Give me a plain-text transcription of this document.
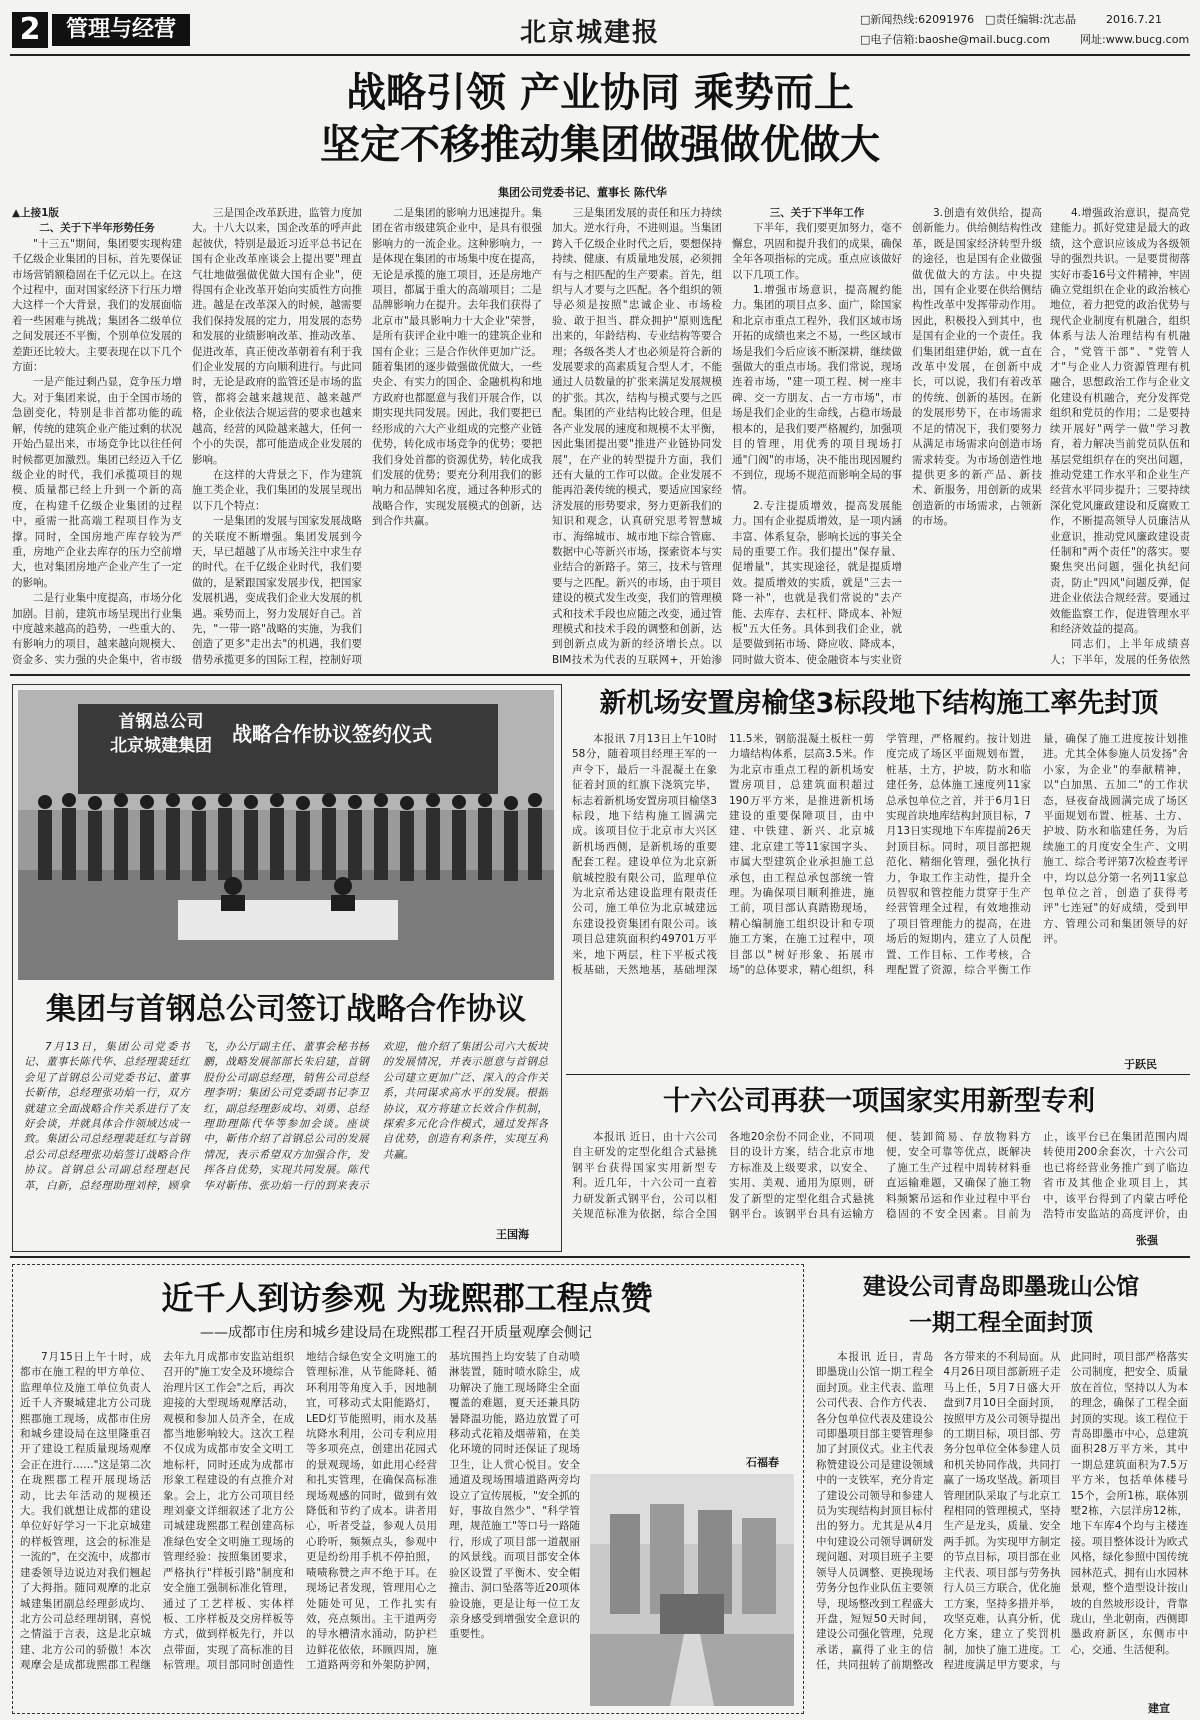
2	管理与经营	北京城建报	□新闻热线:62091976 □责任编辑:沈志晶	2016.7.21
□电子信箱:baoshe@mail.bucg.com	网址:www.bucg.com
战略引领 产业协同 乘势而上
坚定不移推动集团做强做优做大
集团公司党委书记、董事长 陈代华
▲上接1版
二、关于下半年形势任务

"十三五"期间，集团要实现构建千亿级企业集团的目标，首先要保证市场营销额稳固在千亿元以上。在这个过程中，面对国家经济下行压力增大这样一个大背景，我们的发展面临着一些困难与挑战；集团各二级单位之间发展还不平衡，个别单位发展的差距还比较大。主要表现在以下几个方面：

一是产能过剩凸显，竞争压力增大。对于集团来说，由于全国市场的急剧变化，特别是非首都功能的疏解，传统的建筑企业产能过剩的状况开始凸显出来，市场竞争比以往任何时候都更加激烈。集团已经迈入千亿级企业的时代，我们承揽项目的规模、质量都已经上升到一个新的高度，在构建千亿级企业集团的过程中，亟需一批高端工程项目作为支撑。同时，全国房地产库存较为严重，房地产企业去库存的压力空前增大，也对集团房地产企业产生了一定的影响。

二是行业集中度提高，市场分化加剧。目前，建筑市场呈现出行业集中度越来越高的趋势，一些重大的、有影响力的项目，越来越向规模大、资金多、实力强的央企集中，省市级

三是国企改革跃进，监管力度加大。十八大以来，国企改革的呼声此起彼伏，特别是最近习近平总书记在国有企业改革座谈会上提出要"理直气壮地做强做优做大国有企业"，使得国有企业改革开始向实质性方向推进。越是在改革深入的时候，越需要我们保持发展的定力，用发展的态势和发展的业绩影响改革、推动改革、促进改革，真正使改革朝着有利于我们企业发展的方向顺利进行。与此同时，无论是政府的监管还是市场的监管，都将会越来越规范、越来越严格，企业依法合规运营的要求也越来越高，经营的风险越来越大，任何一个小的失误，都可能造成企业发展的影响。

在这样的大背景之下，作为建筑施工类企业，我们集团的发展呈现出以下几个特点：

一是集团的发展与国家发展战略的关联度不断增强。集团发展到今天，早已超越了从市场关注中求生存的时代。在千亿级企业时代，我们要做的，是紧跟国家发展步伐，把国家发展机遇，变成我们企业大发展的机遇。乘势而上，努力发展好自己。首先，"一带一路"战略的实施，为我们创造了更多"走出去"的机遇，我们要借势承揽更多的国际工程，控制好项

二是集团的影响力迅速提升。集团在省市级建筑企业中，是具有很强影响力的一流企业。这种影响力，一是体现在集团的市场集中度在提高，无论是承揽的施工项目，还是房地产项目，都属于重大的高端项目；二是品牌影响力在提升。去年我们获得了北京市"最具影响力十大企业"荣誉，是所有获评企业中唯一的建筑企业和国有企业；三是合作伙伴更加广泛。随着集团的逐步做强做优做大，一些央企、有实力的国企、金融机构和地方政府也都愿意与我们开展合作，以期实现共同发展。因此，我们要把已经形成的六大产业组成的完整产业链优势，转化成市场竞争的优势；要把我们身处首都的资源优势，转化成我们发展的优势；要充分利用我们的影响力和品牌知名度，通过各种形式的战略合作，实现发展模式的创新，达到合作共赢。

三是集团发展的责任和压力持续加大。逆水行舟，不进则退。当集团跨入千亿级企业时代之后，要想保持持续、健康、有质量地发展，必须拥有与之相匹配的生产要素。首先，组织与人才要与之匹配。各个组织的领导必须是按照"忠诚企业、市场检验、敢于担当、群众拥护"原则选配出来的，年龄结构、专业结构等要合理；各级各类人才也必须是符合新的发展要求的高素质复合型人才，不能通过人员数量的扩张来满足发展规模的扩张。其次，结构与模式要与之匹配。集团的产业结构比较合理，但是各产业发展的速度和规模不太平衡，因此集团提出要"推进产业链协同发展"，在产业的转型提升方面，我们还有大量的工作可以做。企业发展不能再沿袭传统的模式，要适应国家经济发展的形势要求，努力更新我们的知识和观念，认真研究思考智慧城市、海绵城市、城市地下综合管廊、数据中心等新兴市场，探索资本与实业结合的新路子。第三，技术与管理要与之匹配。新兴的市场，由于项目建设的模式发生改变，我们的管理模式和技术手段也应随之改变，通过管理模式和技术手段的调整和创新，达到创新点成为新的经济增长点。以BIM技术为代表的互联网+，开始渗

三、关于下半年工作

下半年，我们要更加努力，毫不懈怠，巩固和提升我们的成果，确保全年各项指标的完成。重点应该做好以下几项工作。

1.增强市场意识，提高履约能力。集团的项目点多、面广，除国家和北京市重点工程外，我们区域市场开拓的成绩也来之不易，一些区域市场是我们今后应该不断深耕，继续做强做大的重点市场。我们常说，现场连着市场，"建一项工程、树一座丰碑、交一方朋友、占一方市场"，市场是我们企业的生命线，占稳市场最根本的，是我们要严格履约，加强项目的管理，用优秀的项目现场打通"门阀"的市场，决不能出现因履约不到位，现场不规范而影响全局的事情。

2.专注提质增效，提高发展能力。国有企业提质增效，是一项内涵丰富、体系复杂，影响长远的事关全局的重要工作。我们提出"保存量、促增量"，其实现途径，就是提质增效。提质增效的实质，就是"三去一降一补"，也就是我们常说的"去产能、去库存、去杠杆、降成本、补短板"五大任务。具体到我们企业，就是要做到拓市场、降应收、降成本，同时做大资本、使金融资本与实业资

3.创造有效供给，提高创新能力。供给侧结构性改革，既是国家经济转型升级的途径，也是国有企业做强做优做大的方法。中央提出，国有企业要在供给侧结构性改革中发挥带动作用。因此，积极投入到其中，也是国有企业的一个责任。我们集团组建伊始，就一直在改革中发展，在创新中成长，可以说，我们有着改革的传统、创新的基因。在新的发展形势下，在市场需求不足的情况下，我们要努力从满足市场需求向创造市场需求转变。为市场创造性地提供更多的新产品、新技术、新服务，用创新的成果创造新的市场需求，占领新的市场。

4.增强政治意识，提高党建能力。抓好党建是最大的政绩，这个意识应该成为各级领导的强烈共识。一是要贯彻落实好市委16号文件精神，牢固确立党组织在企业的政治核心地位，着力把党的政治优势与现代企业制度有机融合，组织体系与法人治理结构有机融合，"党管干部"、"党管人才"与企业人力资源管理有机融合，思想政治工作与企业文化建设有机融合，充分发挥党组织和党员的作用；二是要持续开展好"两学一做"学习教育，着力解决当前党员队伍和基层党组织存在的突出问题，推动党建工作水平和企业生产经营水平同步提升；三要持续深化党风廉政建设和反腐败工作，不断提高领导人员廉洁从业意识，推动党风廉政建设责任制和"两个责任"的落实。要聚焦突出问题，强化执纪问责，防止"四风"问题反弹，促进企业依法合规经营。要通过效能监察工作，促进管理水平和经济效益的提高。

同志们，上半年成绩喜人；下半年，发展的任务依然

首钢总公司
北京城建集团	战略合作协议签约仪式
集团与首钢总公司签订战略合作协议

7月13日，集团公司党委书记、董事长陈代华、总经理裴廷红会见了首钢总公司党委书记、董事长靳伟，总经理张功焰一行，双方就建立全面战略合作关系进行了友好会谈，并就具体合作领域达成一致。集团公司总经理裴廷红与首钢总公司总经理张功焰签订战略合作协议。首钢总公司副总经理赵民革，白新，总经理助理刘梓，顾拿飞，办公厅副主任、董事会秘书杨鹏，战略发展部部长朱启建，首钢股份公司副总经理，销售公司总经理李明；集团公司党委副书记李卫红，副总经理彭成均、刘勇、总经理助理陈代华等参加会谈。座谈中，靳伟介绍了首钢总公司的发展情况，表示希望双方加强合作，发挥各自优势，实现共同发展。陈代华对靳伟、张功焰一行的到来表示欢迎，他介绍了集团公司六大板块的发展情况，并表示愿意与首钢总公司建立更加广泛、深入的合作关系，共同谋求高水平的发展。根据协议，双方将建立长效合作机制，探索多元化合作模式，通过发挥各自优势，创造有利条件，实现互利共赢。

王国海
新机场安置房榆垡3标段地下结构施工率先封顶

本报讯 7月13日上午10时58分，随着项目经理王军的一声令下，最后一斗混凝土在象征着封顶的红旗下浇筑完毕，标志着新机场安置房项目榆垡3标段，地下结构施工圆满完成。该项目位于北京市大兴区新机场西侧，是新机场的重要配套工程。建设单位为北京新航城控股有限公司，监理单位为北京希达建设监理有限责任公司，施工单位为北京城建远东建设投资集团有限公司。该项目总建筑面积约49701万平米，地下两层，柱下平板式筏板基础，天然地基，基础埋深11.5米，钢筋混凝土板柱一剪力墙结构体系，层高3.5米。作为北京市重点工程的新机场安置房项目，总建筑面积超过190万平方米，是推进新机场建设的重要保障项目，由中建、中铁建、新兴、北京城建、北京建工等11家国字头、市属大型建筑企业承担施工总承包，由工程总承包部统一管理。为确保项目顺利推进，施工前，项目部认真踏勘现场，精心编制施工组织设计和专项施工方案，在施工过程中，项目部以"树好形象、拓展市场"的总体要求，精心组织，科学管理，严格履约。按计划进度完成了场区平面规划布置，桩基，土方，护坡，防水和临建任务，总体施工速度列11家总承包单位之首，并于6月1日实现首块地库结构封顶目标，7月13日实现地下车库提前26天封顶目标。同时，项目部把规范化、精细化管理，强化执行力，争取工作主动性，提升全员智驭和管控能力贯穿于生产经营管理全过程，有效地推动了项目管理能力的提高，在进场后的短期内，建立了人员配置、工作目标、工作考核，合理配置了资源，综合平衡工作量，确保了施工进度按计划推进。尤其全体参施人员发扬"舍小家，为企业"的奉献精神，以"白加黑、五加二"的工作状态，昼夜奋战圆满完成了场区平面规划布置、桩基、土方、护坡、防水和临建任务，为后续施工的月度安全生产、文明施工、综合考评第7次检查考评中，均以总分第一名列11家总包单位之首，创造了获得考评"七连冠"的好成绩，受到甲方、管理公司和集团领导的好评。

于跃民
十六公司再获一项国家实用新型专利

本报讯 近日，由十六公司自主研发的定型化组合式悬挑钢平台获得国家实用新型专利。近几年，十六公司一直着力研发新式钢平台，公司以相关规范标准为依据，综合全国各地20余份不同企业，不同项目的设计方案，结合北京市地方标准及上级要求，以安全、实用、美观、通用为原则，研发了新型的定型化组合式悬挑钢平台。该钢平台具有运输方便、装卸简易、存放物料方便，安全可靠等优点，既解决了施工生产过程中周转材料垂直运输难题，又确保了施工物料频繁吊运和作业过程中平台稳固的不安全因素。目前为止，该平台已在集团范围内周转使用200余套次，十六公司也已将经营业务推广到了临边省市及其他企业项目上，其中，该平台得到了内蒙古呼伦浩特市安监站的高度评价，由

张强
近千人到访参观 为珑熙郡工程点赞
——成都市住房和城乡建设局在珑熙郡工程召开质量观摩会侧记

7月15日上午十时，成都市在施工程的甲方单位、监理单位及施工单位负责人近千人齐聚城建北方公司珑熙郡施工现场，成都市住房和城乡建设局在这里隆重召开了建设工程质量现场观摩会正在进行……"这是第二次在珑熙郡工程开展现场活动，比去年活动的规模还大。我们就想让成都的建设单位好好学习一下北京城建的样板管理，这会的标准是一流的"，在交流中，成都市建委领导边说边对我们翘起了大拇指。随同观摩的北京城建集团副总经理彭成均、北方公司总经理胡钢，喜悦之情溢于言表，这是北京城建、北方公司的骄傲！本次观摩会是成都珑熙郡工程继去年九月成都市安监站组织召开的"施工安全及环境综合治理片区工作会"之后，再次迎接的大型现场观摩活动，观模和参加人员齐全，在成都当地影响较大。这次工程不仅成为成都市安全文明工地标杆，同时还成为成都市形象工程建设的有点推介对象。会上，北方公司项目经理刘豪文详细叙述了北方公司城建珑熙郡工程创建高标准绿色安全文明施工现场的管理经验：按照集团要求，严格执行"样板引路"制度和安全施工强制标准化管理，通过了工艺样板、实体样板、工序样板及交房样板等方式，做到样板先行，并以点带面，实现了高标准的目标管理。项目部同时创造性地结合绿色安全文明施工的管理标准，从节能降耗、循环利用等角度入手，因地制宜，可移动式太阳能路灯，LED灯节能照明，雨水及基坑降水利用，公司专利应用等多项亮点，创建出花园式的景观现场，如此用心经营和扎实管理，在确保高标准现场观感的同时，做到有效降低和节约了成本。讲者用心，听者受益，参观人员用心聆听，频频点头，参观中更是纷纷用手机不停拍照，啧啧称赞之声不绝于耳。在现场记者发现，管理用心之处随处可见，工作扎实有效，亮点频出。主干道两旁的导水槽清水涌动，防护栏边鲜花依依，环顾四周，施工道路两旁和外架防护网，基坑围挡上均安装了自动喷淋装置，随时喷水除尘，成功解决了施工现场降尘全面覆盖的难题，夏天还兼具防暑降温功能，路边放置了可移动式花箱及烟蒂箱，在美化环境的同时还保证了现场卫生，让人赏心悦目。安全通道及现场围墙道路两旁均设立了宣传展板，"安全抓的好，事故自然少"、"科学管理，规范施工"等口号一路随行，形成了项目部一道靓丽的风景线。而项目部安全体验区设置了平衡木、安全帽撞击、洞口坠落等近20项体验设施，更是让每一位工友亲身感受到增强安全意识的重要性。

石福春
建设公司青岛即墨珑山公馆
一期工程全面封顶

本报讯 近日，青岛即墨珑山公馆一期工程全面封顶。业主代表、监理公司代表、合作方代表、各分包单位代表及建设公司即墨项目部主要管理参加了封顶仪式。业主代表称赞建设公司是建设领域中的一支铁军，充分肯定了建设公司领导和参建人员为实现结构封顶目标付出的努力。尤其是从4月中旬建设公司领导调研发现问题、对项目班子主要领导人员调整、更换现场劳务分包作业队伍主要领导，现场整改到工程盛大开盘，短短50天时间，建设公司强化管理，兑现承诺，赢得了业主的信任，共同扭转了前期整改各方带来的不利局面。从4月26日项目部新班子走马上任，5月7日盛大开盘到7月10日全面封顶，按照甲方及公司领导提出的工期目标，项目部、劳务分包单位全体参建人员和机关协同作战，共同打赢了一场攻坚战。新项目管理团队采取了与北京工程相同的管理模式，坚持生产是龙头，质量、安全两手抓。为实现甲方制定的节点目标，项目部在业主代表、项目部与劳务执行人员三方联合，优化施工方案，坚持多措并举，攻坚克难，认真分析，优化方案，建立了奖罚机制，加快了施工进度。工程进度满足甲方要求，与此同时，项目部严格落实公司制度，把安全、质量放在首位，坚持以人为本的理念，确保了工程全面封顶的实现。该工程位于青岛即墨市中心，总建筑面积28万平方米，其中一期总建筑面积为7.5万平方米，包括单体楼号15个，会所1栋，联体别墅2栋，六层洋房12栋，地下车库4个均与主楼连接。项目整体设计为欧式风格，绿化参照中国传统园林范式，拥有山水园林景观，整个造型设计按山坡的自然坡形设计，背靠珑山，坐北朝南，西侧即墨政府新区，东侧市中心，交通、生活便利。

建宣
